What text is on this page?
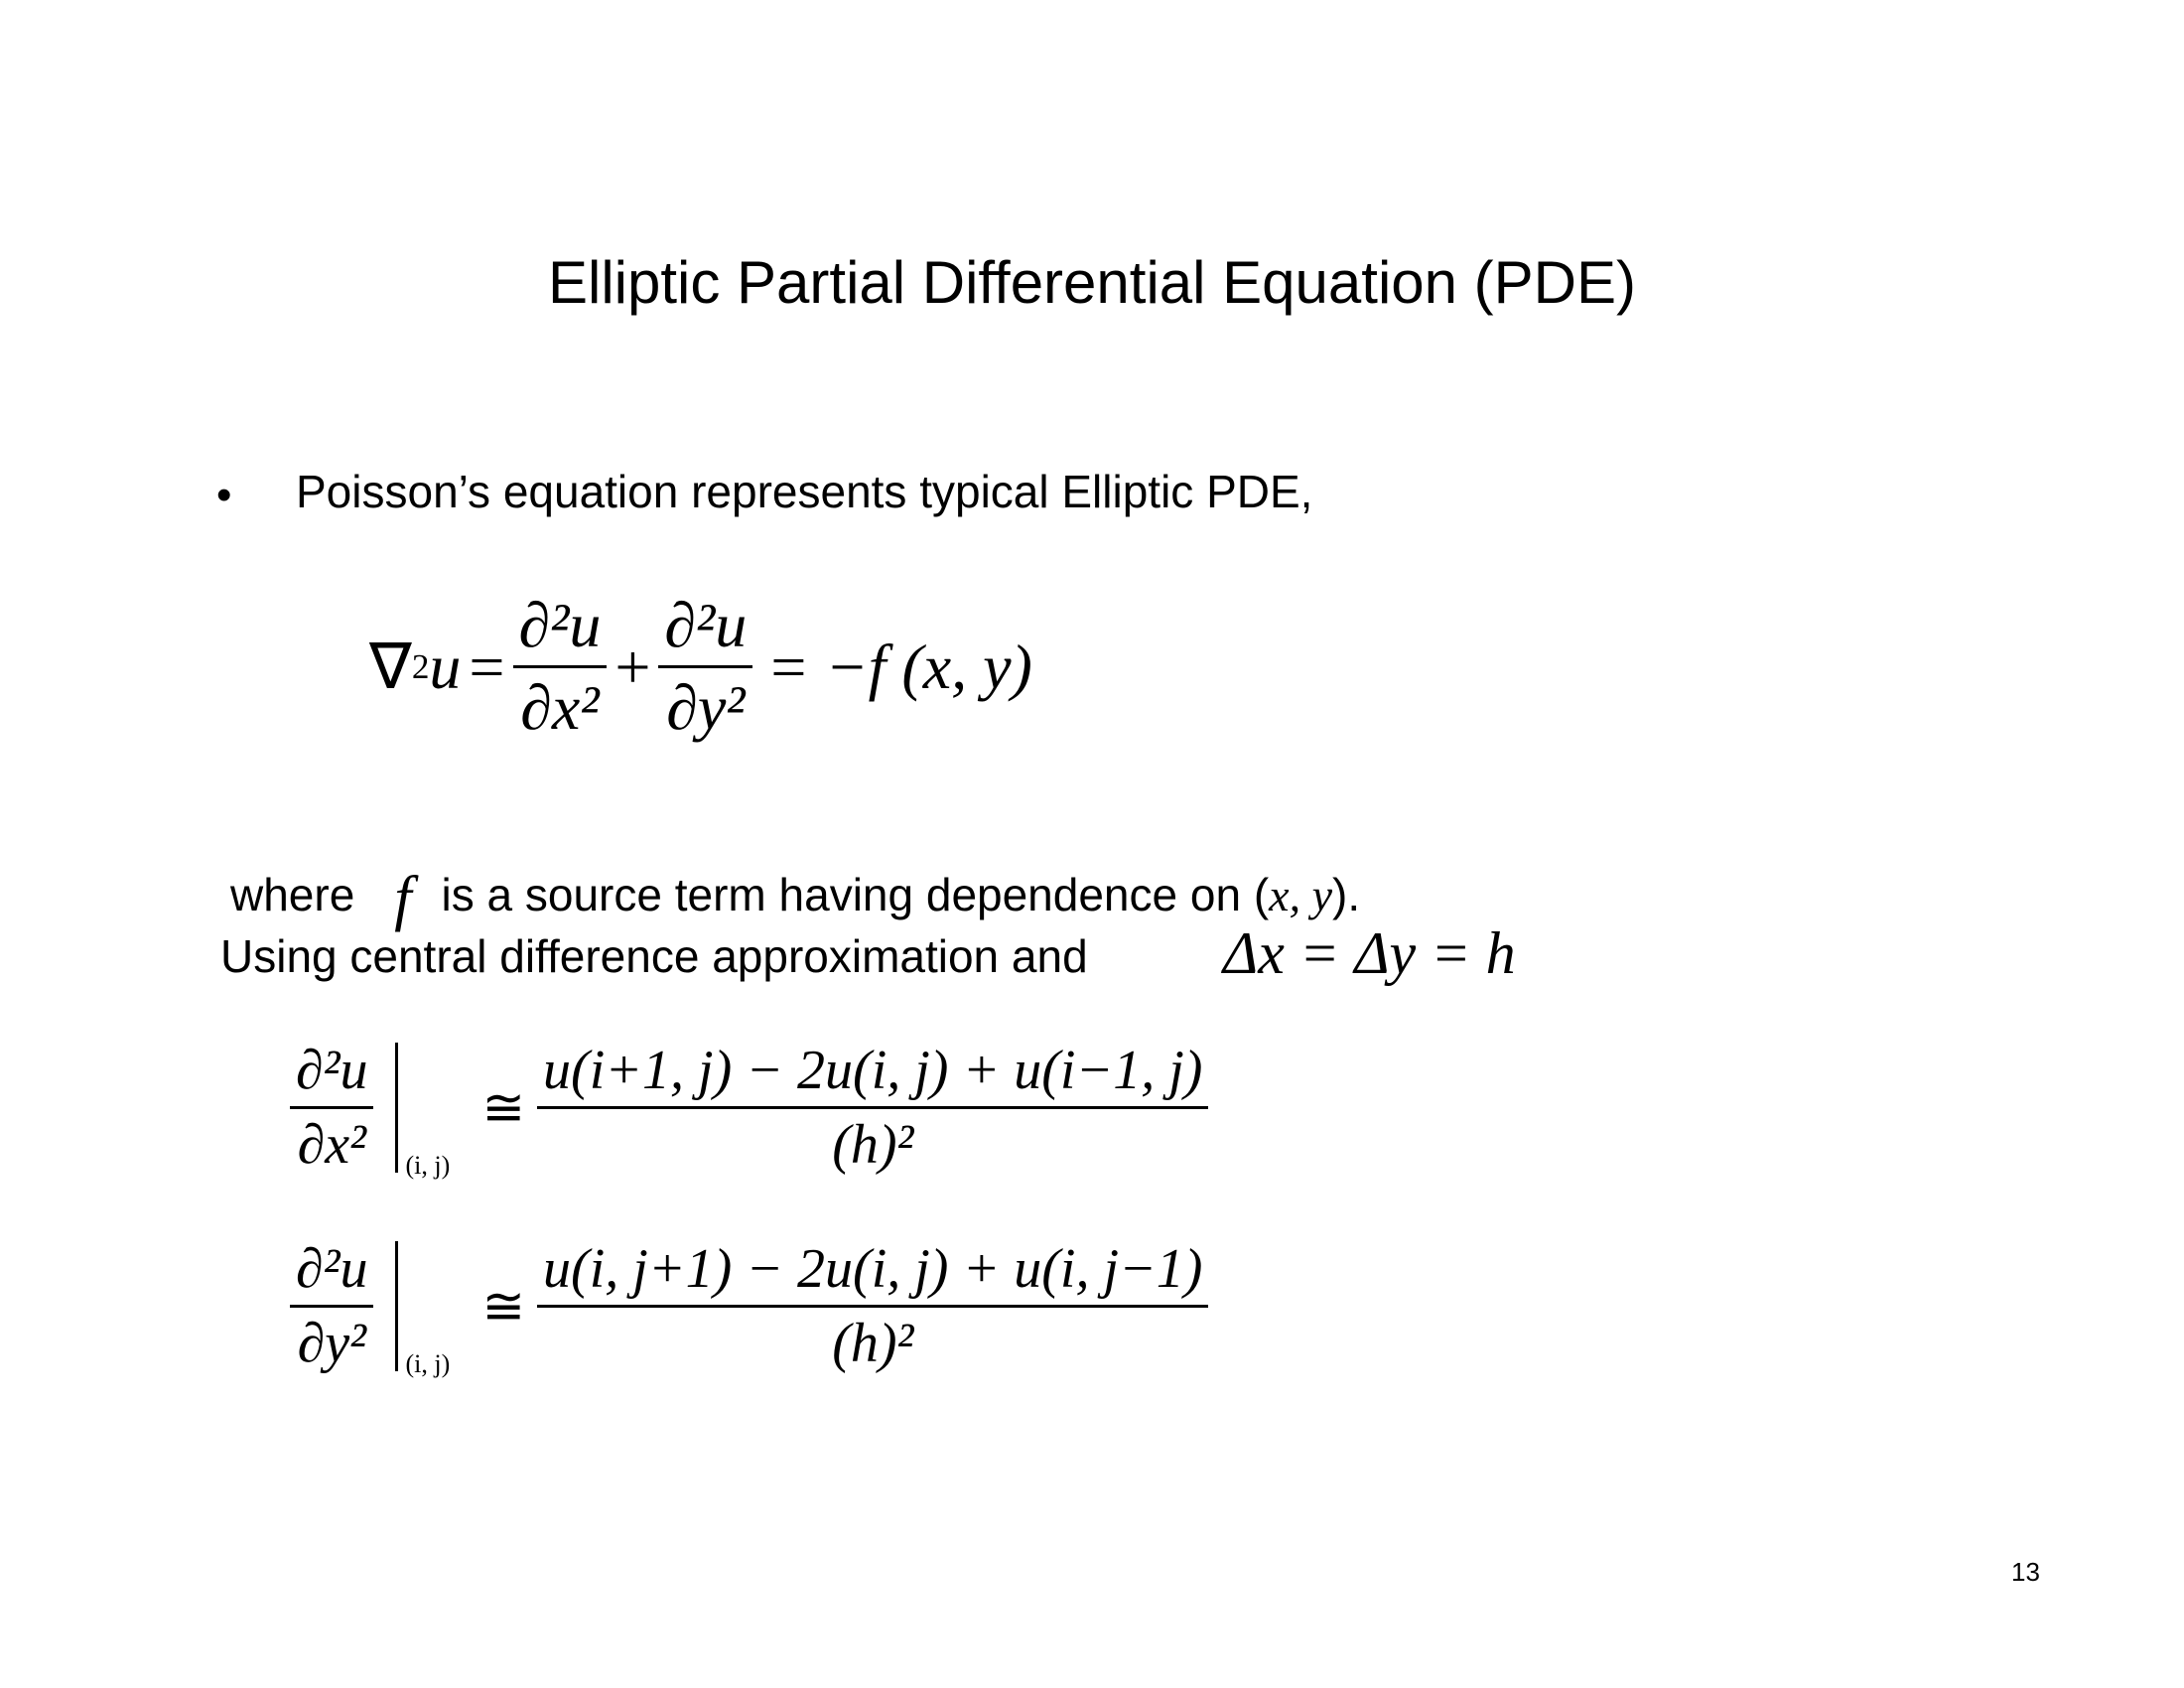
Elliptic Partial Differential Equation (PDE)
• Poisson’s equation represents typical Elliptic PDE,
∇ 2 $u = \frac{\text{∂²u}}{\text{∂x²}} + \frac{\text{∂²u}}{\text{∂y²}} = -f$ (x, y)
where f is a source term having dependence on (x, y).
Using central difference approximation and Δx = Δy = h
$\frac{\text{∂²u}}{\text{∂x²}} (i$, j)
≅ $\frac{u(i+1, j) - 2u(i, j) + u(i-1, j)}{\text{(h)²}}$
$\frac{\text{∂²u}}{\text{∂y²}} (i$, j)
≅ $\frac{u(i, j+1) - 2u(i, j) + u(i, j-1)}{\text{(h)²}}$
13
